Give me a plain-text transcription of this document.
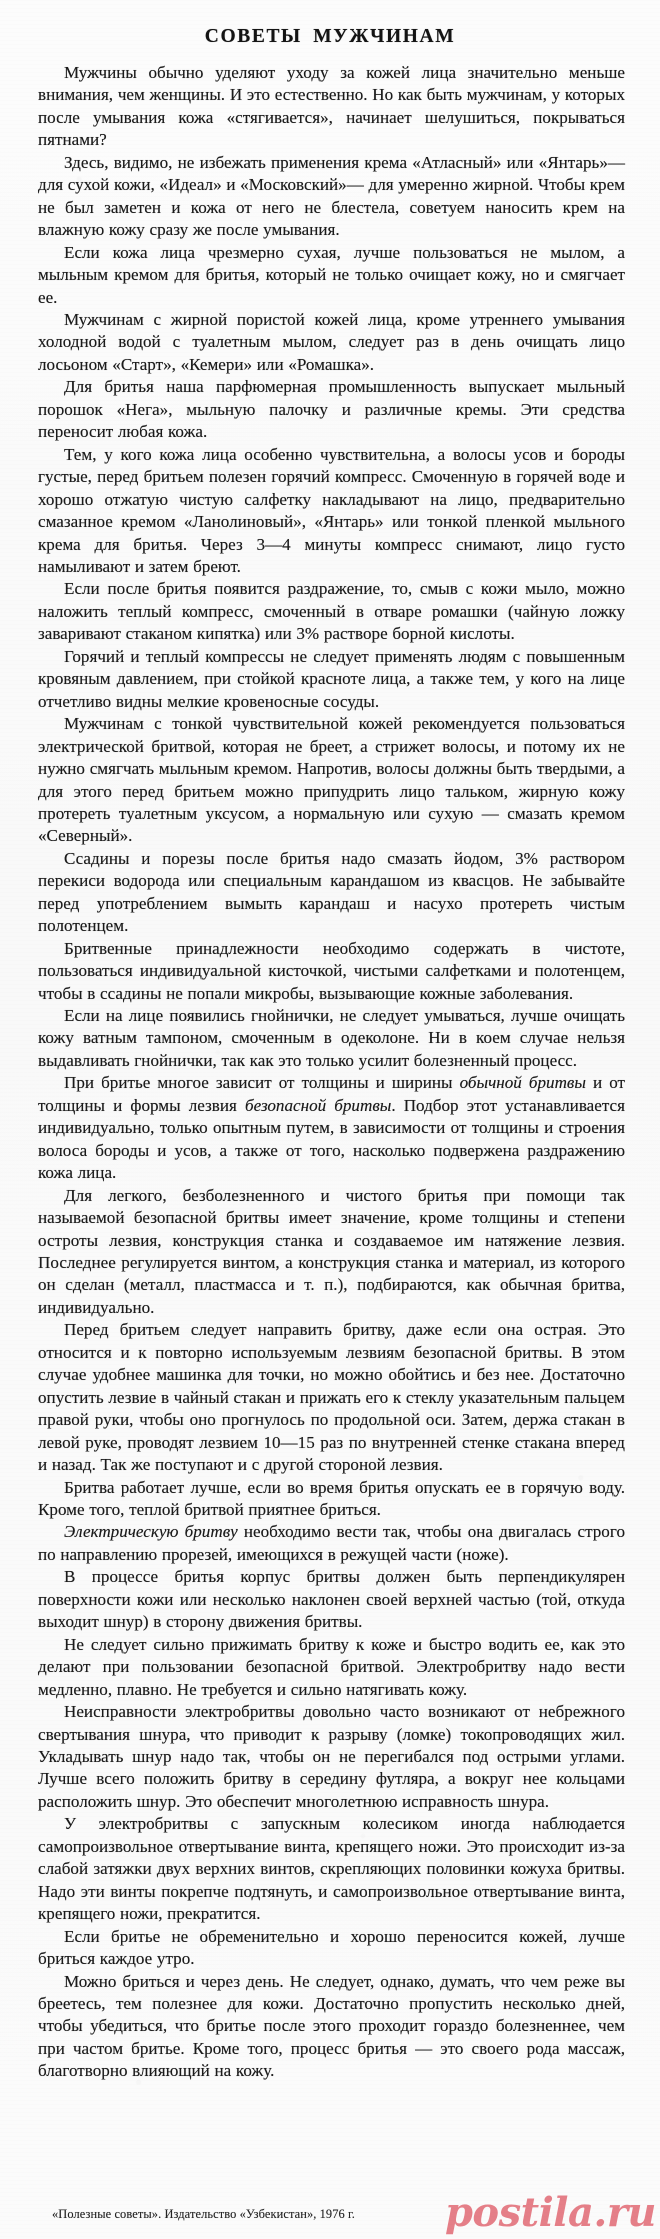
СОВЕТЫ МУЖЧИНАМ

Мужчины обычно уделяют уходу за кожей лица значительно меньше внимания, чем женщины. И это естественно. Но как быть мужчинам, у которых после умывания кожа «стягивается», начинает шелушиться, покрываться пятнами?

Здесь, видимо, не избежать применения крема «Атласный» или «Янтарь»— для сухой кожи, «Идеал» и «Московский»— для умеренно жирной. Чтобы крем не был заметен и кожа от него не блестела, советуем наносить крем на влажную кожу сразу же после умывания.

Если кожа лица чрезмерно сухая, лучше пользоваться не мылом, а мыльным кремом для бритья, который не только очищает кожу, но и смягчает ее.

Мужчинам с жирной пористой кожей лица, кроме утреннего умывания холодной водой с туалетным мылом, следует раз в день очищать лицо лосьоном «Старт», «Кемери» или «Ромашка».

Для бритья наша парфюмерная промышленность выпускает мыльный порошок «Нега», мыльную палочку и различные кремы. Эти средства переносит любая кожа.

Тем, у кого кожа лица особенно чувствительна, а волосы усов и бороды густые, перед бритьем полезен горячий компресс. Смоченную в горячей воде и хорошо отжатую чистую салфетку накладывают на лицо, предварительно смазанное кремом «Ланолиновый», «Янтарь» или тонкой пленкой мыльного крема для бритья. Через 3—4 минуты компресс снимают, лицо густо намыливают и затем бреют.

Если после бритья появится раздражение, то, смыв с кожи мыло, можно наложить теплый компресс, смоченный в отваре ромашки (чайную ложку заваривают стаканом кипятка) или 3% растворе борной кислоты.

Горячий и теплый компрессы не следует применять людям с повышенным кровяным давлением, при стойкой красноте лица, а также тем, у кого на лице отчетливо видны мелкие кровеносные сосуды.

Мужчинам с тонкой чувствительной кожей рекомендуется пользоваться электрической бритвой, которая не бреет, а стрижет волосы, и потому их не нужно смягчать мыльным кремом. Напротив, волосы должны быть твердыми, а для этого перед бритьем можно припудрить лицо тальком, жирную кожу протереть туалетным уксусом, а нормальную или сухую — смазать кремом «Северный».

Ссадины и порезы после бритья надо смазать йодом, 3% раствором перекиси водорода или специальным карандашом из квасцов. Не забывайте перед употреблением вымыть карандаш и насухо протереть чистым полотенцем.

Бритвенные принадлежности необходимо содержать в чистоте, пользоваться индивидуальной кисточкой, чистыми салфетками и полотенцем, чтобы в ссадины не попали микробы, вызывающие кожные заболевания.

Если на лице появились гнойнички, не следует умываться, лучше очищать кожу ватным тампоном, смоченным в одеколоне. Ни в коем случае нельзя выдавливать гнойнички, так как это только усилит болезненный процесс.

При бритье многое зависит от толщины и ширины обычной бритвы и от толщины и формы лезвия безопасной бритвы. Подбор этот устанавливается индивидуально, только опытным путем, в зависимости от толщины и строения волоса бороды и усов, а также от того, насколько подвержена раздражению кожа лица.

Для легкого, безболезненного и чистого бритья при помощи так называемой безопасной бритвы имеет значение, кроме толщины и степени остроты лезвия, конструкция станка и создаваемое им натяжение лезвия. Последнее регулируется винтом, а конструкция станка и материал, из которого он сделан (металл, пластмасса и т. п.), подбираются, как обычная бритва, индивидуально.

Перед бритьем следует направить бритву, даже если она острая. Это относится и к повторно используемым лезвиям безопасной бритвы. В этом случае удобнее машинка для точки, но можно обойтись и без нее. Достаточно опустить лезвие в чайный стакан и прижать его к стеклу указательным пальцем правой руки, чтобы оно прогнулось по продольной оси. Затем, держа стакан в левой руке, проводят лезвием 10—15 раз по внутренней стенке стакана вперед и назад. Так же поступают и с другой стороной лезвия.

Бритва работает лучше, если во время бритья опускать ее в горячую воду. Кроме того, теплой бритвой приятнее бриться.

Электрическую бритву необходимо вести так, чтобы она двигалась строго по направлению прорезей, имеющихся в режущей части (ноже).

В процессе бритья корпус бритвы должен быть перпендикулярен поверхности кожи или несколько наклонен своей верхней частью (той, откуда выходит шнур) в сторону движения бритвы.

Не следует сильно прижимать бритву к коже и быстро водить ее, как это делают при пользовании безопасной бритвой. Электробритву надо вести медленно, плавно. Не требуется и сильно натягивать кожу.

Неисправности электробритвы довольно часто возникают от небрежного свертывания шнура, что приводит к разрыву (ломке) токопроводящих жил. Укладывать шнур надо так, чтобы он не перегибался под острыми углами. Лучше всего положить бритву в середину футляра, а вокруг нее кольцами расположить шнур. Это обеспечит многолетнюю исправность шнура.

У электробритвы с запускным колесиком иногда наблюдается самопроизвольное отвертывание винта, крепящего ножи. Это происходит из-за слабой затяжки двух верхних винтов, скрепляющих половинки кожуха бритвы. Надо эти винты покрепче подтянуть, и самопроизвольное отвертывание винта, крепящего ножи, прекратится.

Если бритье не обременительно и хорошо переносится кожей, лучше бриться каждое утро.

Можно бриться и через день. Не следует, однако, думать, что чем реже вы бреетесь, тем полезнее для кожи. Достаточно пропустить несколько дней, чтобы убедиться, что бритье после этого проходит гораздо болезненнее, чем при частом бритье. Кроме того, процесс бритья — это своего рода массаж, благотворно влияющий на кожу.

«Полезные советы». Издательство «Узбекистан», 1976 г.	postila.ru
